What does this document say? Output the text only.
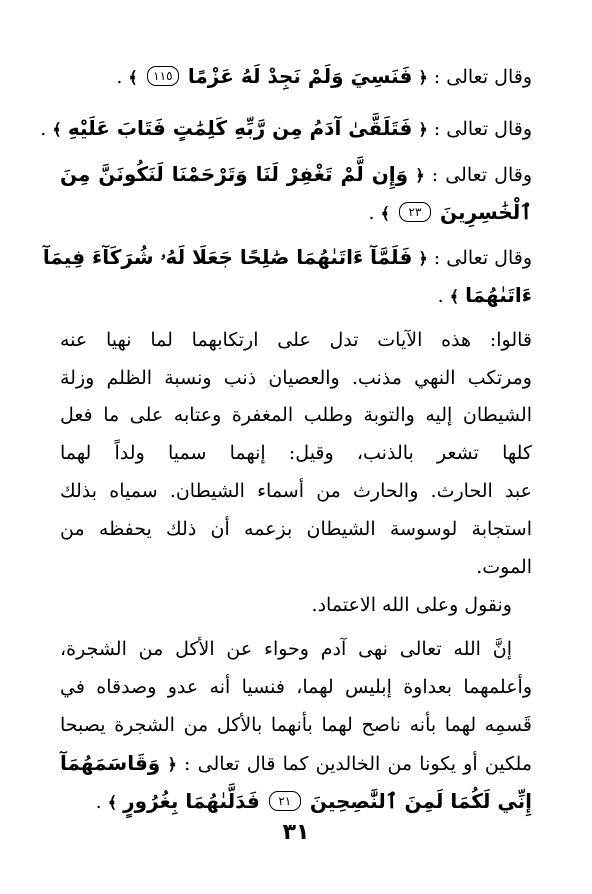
وقال تعالى : ﴿ فَنَسِيَ وَلَمْ نَجِدْ لَهُ عَزْمًا ١١٥ ﴾ .
وقال تعالى : ﴿ فَتَلَقَّىٰ آدَمُ مِن رَّبِّهِ كَلِمَٰتٍ فَتَابَ عَلَيْهِ ﴾ .
وقال تعالى : ﴿ وَإِن لَّمْ تَغْفِرْ لَنَا وَتَرْحَمْنَا لَنَكُونَنَّ مِنَ
ٱلْخَٰسِرِينَ ٢٣ ﴾ .
وقال تعالى : ﴿ فَلَمَّآ ءَاتَىٰهُمَا صَٰلِحًا جَعَلَا لَهُۥ شُرَكَآءَ فِيمَآ
ءَاتَىٰهُمَا ﴾ .
قالوا: هذه الآيات تدل على ارتكابهما لما نهيا عنه
ومرتكب النهي مذنب. والعصيان ذنب ونسبة الظلم وزلة
الشيطان إليه والتوبة وطلب المغفرة وعتابه على ما فعل
كلها تشعر بالذنب، وقيل: إنهما سميا ولداً لهما
عبد الحارث. والحارث من أسماء الشيطان. سمياه بذلك
استجابة لوسوسة الشيطان بزعمه أن ذلك يحفظه من
الموت.
ونقول وعلى الله الاعتماد.
إنَّ الله تعالى نهى آدم وحواء عن الأكل من الشجرة،
وأعلمهما بعداوة إبليس لهما، فنسيا أنه عدو وصدقاه في
قَسمِه لهما بأنه ناصح لهما بأنهما بالأكل من الشجرة يصبحا
ملكين أو يكونا من الخالدين كما قال تعالى : ﴿ وَقَاسَمَهُمَآ
إِنِّي لَكُمَا لَمِنَ ٱلنَّٰصِحِينَ ٢١ فَدَلَّىٰهُمَا بِغُرُورٍ ﴾ .
٣١
